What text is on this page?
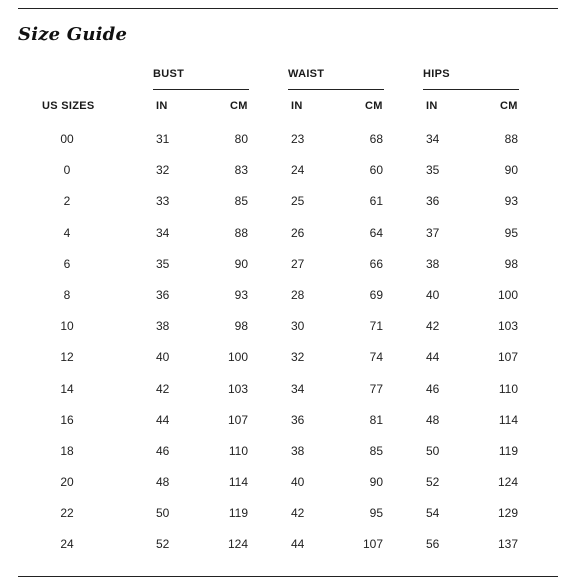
Size Guide
BUST	WAIST	HIPS
US SIZES	IN	CM	IN	CM	IN	CM
00	31	80	23	68	34	88
0	32	83	24	60	35	90
2	33	85	25	61	36	93
4	34	88	26	64	37	95
6	35	90	27	66	38	98
8	36	93	28	69	40	100
10	38	98	30	71	42	103
12	40	100	32	74	44	107
14	42	103	34	77	46	110
16	44	107	36	81	48	114
18	46	110	38	85	50	119
20	48	114	40	90	52	124
22	50	119	42	95	54	129
24	52	124	44	107	56	137
